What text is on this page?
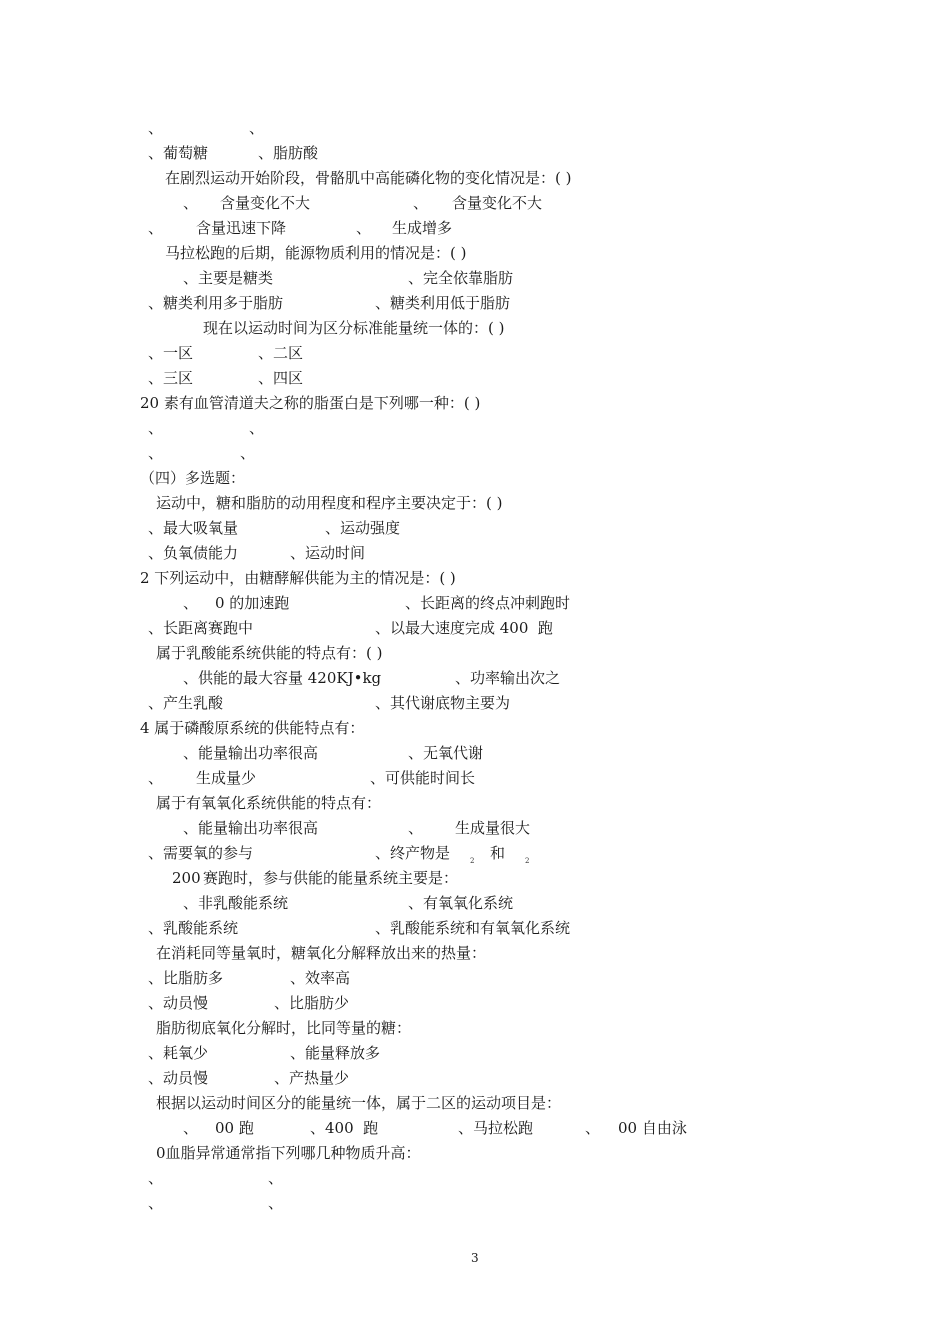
、	、
、葡萄糖	、脂肪酸
在剧烈运动开始阶段，骨骼肌中高能磷化物的变化情况是：( )
、 含量变化不大	、 含量变化不大
、 含量迅速下降	、 生成增多
马拉松跑的后期，能源物质利用的情况是：( )
、主要是糖类	、完全依靠脂肪
、糖类利用多于脂肪	、糖类利用低于脂肪
现在以运动时间为区分标准能量统一体的：( )
、一区	、二区
、三区	、四区
20 素有血管清道夫之称的脂蛋白是下列哪一种：( )
、	、
、	、
（四）多选题：
运动中，糖和脂肪的动用程度和程序主要决定于：( )
、最大吸氧量	、运动强度
、负氧债能力	、运动时间
2 下列运动中，由糖酵解供能为主的情况是：( )
、 0 的加速跑	、长距离的终点冲刺跑时
、长距离赛跑中	、以最大速度完成 400  跑
属于乳酸能系统供能的特点有：( )
、供能的最大容量 420KJ•kg	、功率输出次之
、产生乳酸	、其代谢底物主要为
4 属于磷酸原系统的供能特点有：
、能量输出功率很高	、无氧代谢
、 生成量少	、可供能时间长
属于有氧氧化系统供能的特点有：
、能量输出功率很高	、 生成量很大
、需要氧的参与	、终产物是	2 和	2
200 赛跑时，参与供能的能量系统主要是：
、非乳酸能系统	、有氧氧化系统
、乳酸能系统	、乳酸能系统和有氧氧化系统
在消耗同等量氧时，糖氧化分解释放出来的热量：
、比脂肪多	、效率高
、动员慢	、比脂肪少
脂肪彻底氧化分解时，比同等量的糖：
、耗氧少	、能量释放多
、动员慢	、产热量少
根据以运动时间区分的能量统一体，属于二区的运动项目是：
、 00 跑	、400  跑	、马拉松跑	、 00 自由泳
0血脂异常通常指下列哪几种物质升高：
、	、
、	、
3
